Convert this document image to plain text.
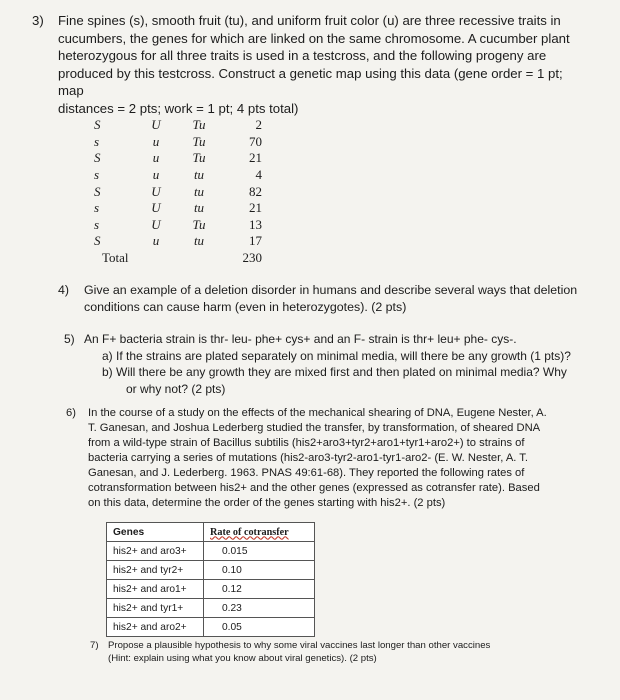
3) Fine spines (s), smooth fruit (tu), and uniform fruit color (u) are three recessive traits in
cucumbers, the genes for which are linked on the same chromosome. A cucumber plant
heterozygous for all three traits is used in a testcross, and the following progeny are
produced by this testcross. Construct a genetic map using this data (gene order = 1 pt; map
distances = 2 pts; work = 1 pt; 4 pts total)
S	U	Tu	2
s	u	Tu	70
S	u	Tu	21
s	u	tu	4
S	U	tu	82
s	U	tu	21
s	U	Tu	13
S	u	tu	17
Total			230
4) Give an example of a deletion disorder in humans and describe several ways that deletion
conditions can cause harm (even in heterozygotes). (2 pts)
5) An F+ bacteria strain is thr- leu- phe+ cys+ and an F- strain is thr+ leu+ phe- cys-.
a) If the strains are plated separately on minimal media, will there be any growth (1 pts)?
b) Will there be any growth they are mixed first and then plated on minimal media? Why
or why not? (2 pts)
6) In the course of a study on the effects of the mechanical shearing of DNA, Eugene Nester, A.
T. Ganesan, and Joshua Lederberg studied the transfer, by transformation, of sheared DNA
from a wild-type strain of Bacillus subtilis (his2+aro3+tyr2+aro1+tyr1+aro2+) to strains of
bacteria carrying a series of mutations (his2-aro3-tyr2-aro1-tyr1-aro2- (E. W. Nester, A. T.
Ganesan, and J. Lederberg. 1963. PNAS 49:61-68). They reported the following rates of
cotransformation between his2+ and the other genes (expressed as cotransfer rate). Based
on this data, determine the order of the genes starting with his2+. (2 pts)
Genes	Rate of cotransfer
his2+ and aro3+	0.015
his2+ and tyr2+	0.10
his2+ and aro1+	0.12
his2+ and tyr1+	0.23
his2+ and aro2+	0.05
7) Propose a plausible hypothesis to why some viral vaccines last longer than other vaccines
(Hint: explain using what you know about viral genetics). (2 pts)
